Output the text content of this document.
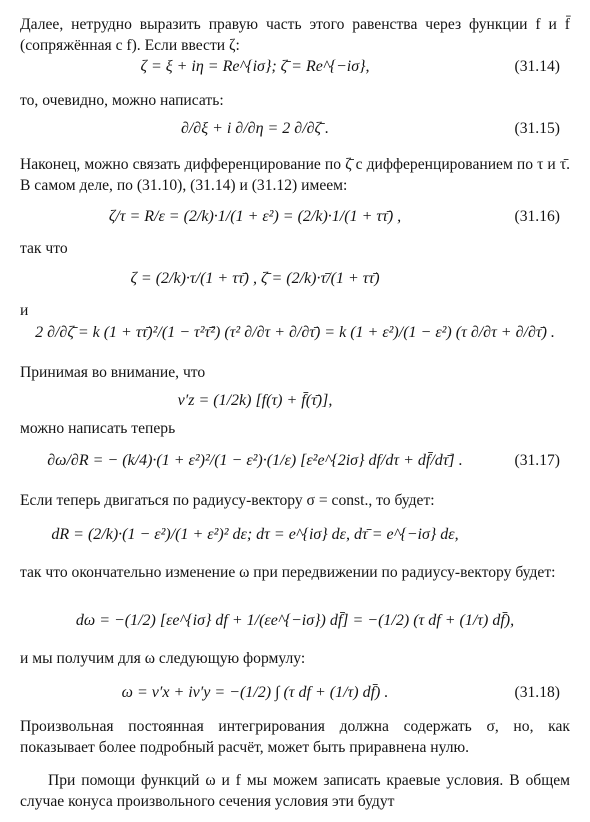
Далее, нетрудно выразить правую часть этого равенства через функции f и f̄ (сопряжённая с f). Если ввести ζ:
ζ = ξ + iη = Re^{iσ}; ζ̄ = Re^{−iσ},	(31.14)
то, очевидно, можно написать:
∂/∂ξ + i ∂/∂η = 2 ∂/∂ζ̄ .	(31.15)
Наконец, можно связать дифференцирование по ζ̄ с дифференцированием по τ и τ̄. В самом деле, по (31.10), (31.14) и (31.12) имеем:
ζ/τ = R/ε = (2/k)·1/(1 + ε²) = (2/k)·1/(1 + ττ̄) ,	(31.16)
так что
ζ = (2/k)·τ/(1 + ττ̄) , ζ̄ = (2/k)·τ̄/(1 + ττ̄)
и
2 ∂/∂ζ̄ = k (1 + ττ̄)²/(1 − τ²τ̄²) (τ² ∂/∂τ + ∂/∂τ̄) = k (1 + ε²)/(1 − ε²) (τ ∂/∂τ + ∂/∂τ̄) .
Принимая во внимание, что
v′z = (1/2k) [f(τ) + f̄(τ̄)],
можно написать теперь
∂ω/∂R = − (k/4)·(1 + ε²)²/(1 − ε²)·(1/ε) [ε²e^{2iσ} df/dτ + df̄/dτ̄] .	(31.17)
Если теперь двигаться по радиусу-вектору σ = const., то будет:
dR = (2/k)·(1 − ε²)/(1 + ε²)² dε; dτ = e^{iσ} dε, dτ̄ = e^{−iσ} dε,
так что окончательно изменение ω при передвижении по радиусу-вектору будет:
dω = −(1/2) [εe^{iσ} df + 1/(εe^{−iσ}) df̄] = −(1/2) (τ df + (1/τ) df̄),
и мы получим для ω следующую формулу:
ω = v′x + iv′y = −(1/2) ∫ (τ df + (1/τ) df̄) .	(31.18)
Произвольная постоянная интегрирования должна содержать σ, но, как показывает более подробный расчёт, может быть приравнена нулю.
При помощи функций ω и f мы можем записать краевые условия. В общем случае конуса произвольного сечения условия эти будут
